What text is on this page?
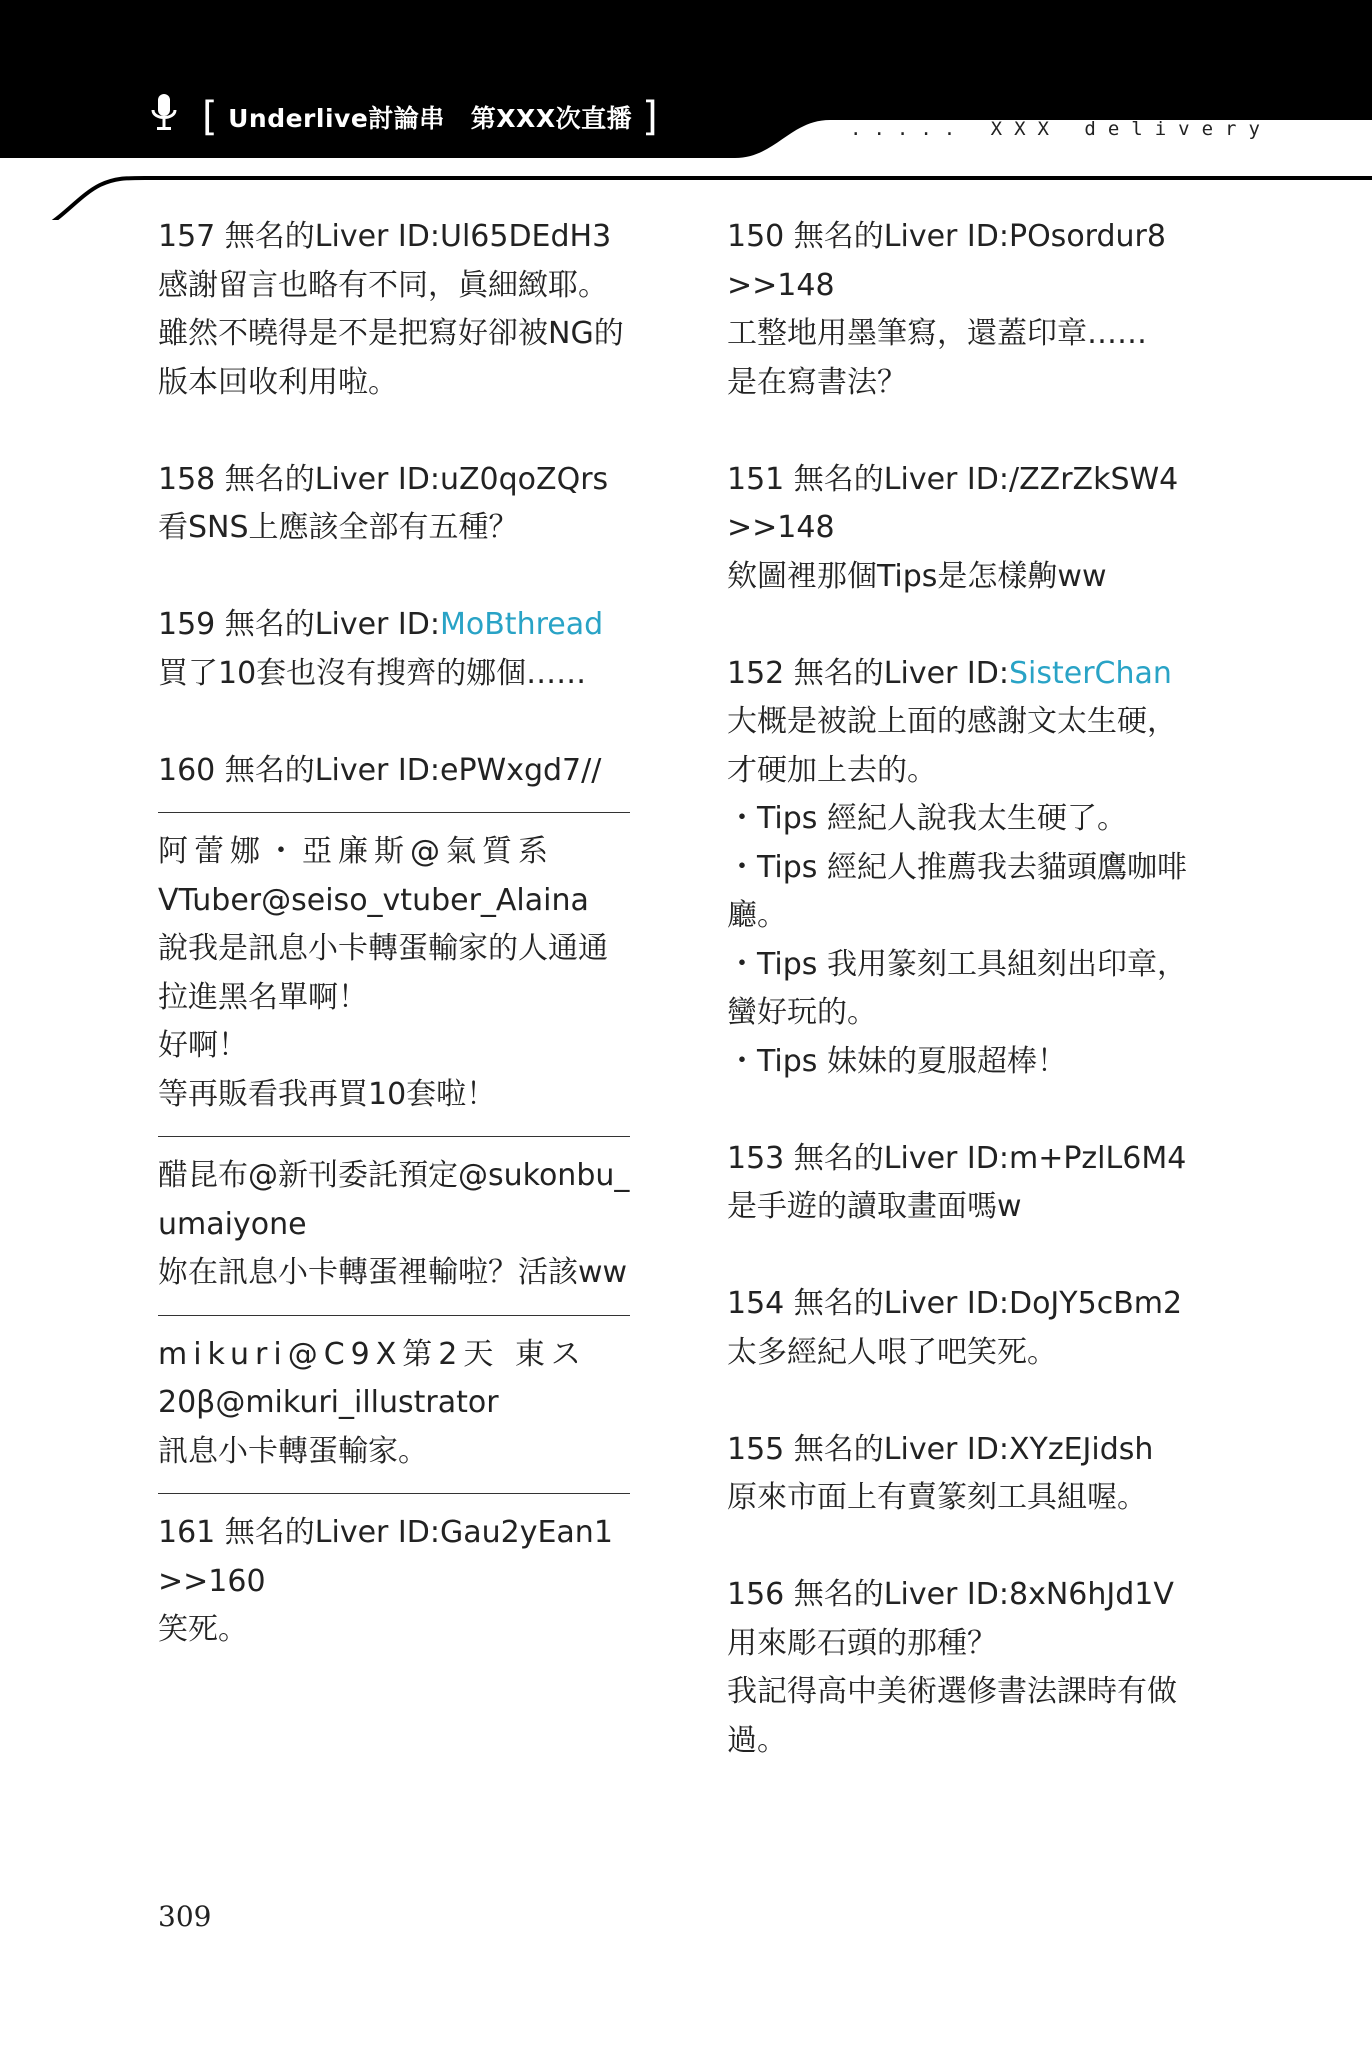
[ Underlive討論串 第XXX次直播 ]	..... XXX delivery
157 無名的Liver ID:Ul65DEdH3
感謝留言也略有不同，眞細緻耶。
雖然不曉得是不是把寫好卻被NG的
版本回收利用啦。
158 無名的Liver ID:uZ0qoZQrs
看SNS上應該全部有五種？
159 無名的Liver ID:MoBthread
買了10套也沒有搜齊的娜個……
160 無名的Liver ID:ePWxgd7//
阿蕾娜・亞廉斯@氣質系
VTuber@seiso_vtuber_Alaina
說我是訊息小卡轉蛋輸家的人通通
拉進黑名單啊！
好啊！
等再販看我再買10套啦！
醋昆布@新刊委託預定@sukonbu_
umaiyone
妳在訊息小卡轉蛋裡輸啦？活該ww
mikuri@C9X第2天 東ス
20β@mikuri_illustrator
訊息小卡轉蛋輸家。
161 無名的Liver ID:Gau2yEan1
>>160
笑死。
150 無名的Liver ID:POsordur8
>>148
工整地用墨筆寫，還蓋印章……
是在寫書法？
151 無名的Liver ID:/ZZrZkSW4
>>148
欸圖裡那個Tips是怎樣齁ww
152 無名的Liver ID:SisterChan
大概是被說上面的感謝文太生硬，
才硬加上去的。
・Tips 經紀人說我太生硬了。
・Tips 經紀人推薦我去貓頭鷹咖啡
廳。
・Tips 我用篆刻工具組刻出印章，
蠻好玩的。
・Tips 妹妹的夏服超棒！
153 無名的Liver ID:m+PzlL6M4
是手遊的讀取畫面嗎w
154 無名的Liver ID:DoJY5cBm2
太多經紀人哏了吧笑死。
155 無名的Liver ID:XYzEJidsh
原來市面上有賣篆刻工具組喔。
156 無名的Liver ID:8xN6hJd1V
用來彫石頭的那種？
我記得高中美術選修書法課時有做
過。
309
